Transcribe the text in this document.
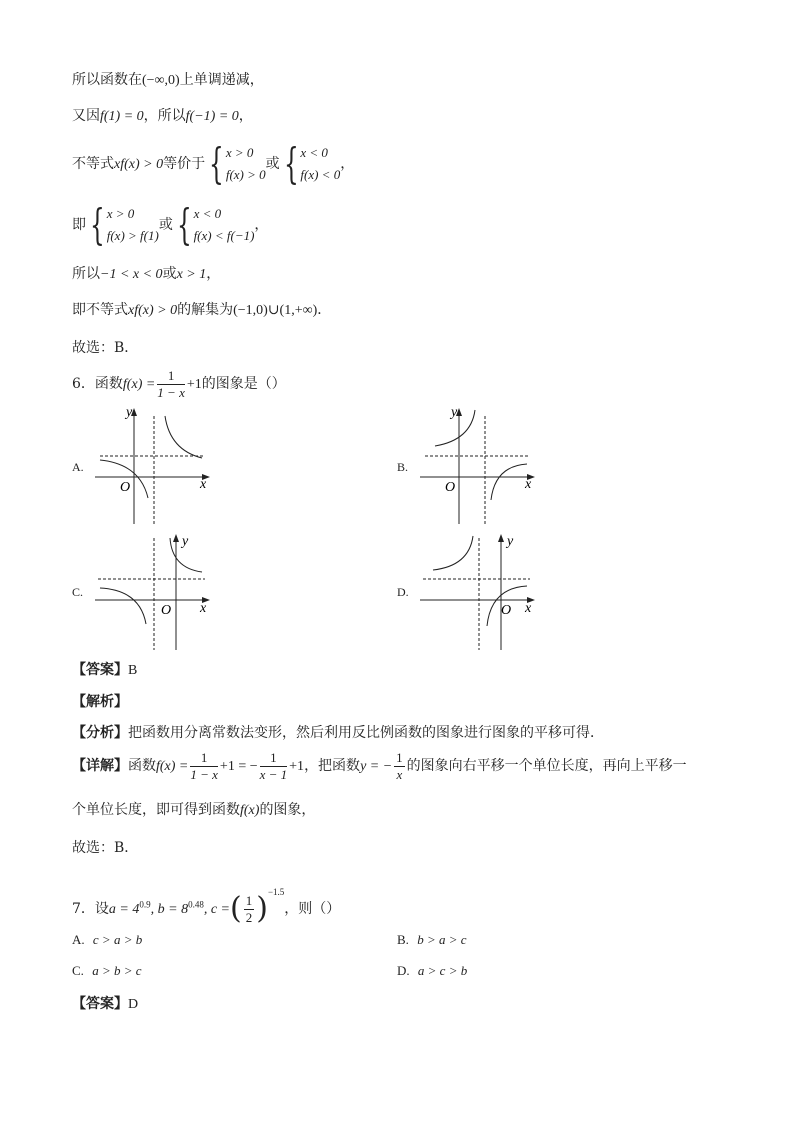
所以函数在(−∞,0)上单调递减，
又因f(1) = 0，所以f(−1) = 0，
不等式xf(x) > 0等价于{ x > 0
f(x) > 0
或{ x < 0
f(x) < 0
，
即{ x > 0
f(x) > f(1)
或{ x < 0
f(x) < f(−1)
，
所以−1 < x < 0或x > 1，
即不等式xf(x) > 0的解集为(−1,0)∪(1,+∞)．
故选：B．
6．函数$f(x) = \frac{1}{1 - x} +1$的图象是（）
A.	B.
C.	D.
y
x
O
y
x
O
y
x
O
y
x
O
【答案】B
【解析】
【分析】把函数用分离常数法变形，然后利用反比例函数的图象进行图象的平移可得．
【详解】函数$f(x) = \frac{1}{1 - x} +1$ = − $\frac{1}{x - 1} +1$，把函数y = − $\frac{1}{x}$ 的图象向右平移一个单位长度，再向上平移一
个单位长度，即可得到函数f(x)的图象，
故选：B．
7．设$a = 4^{0.9}$, $b = 8^{0.48}$, c =( $\frac{1}{2} )^{-1.5}$，则（）
A. c > a > b	B. b > a > c
C. a > b > c	D. a > c > b
【答案】D
